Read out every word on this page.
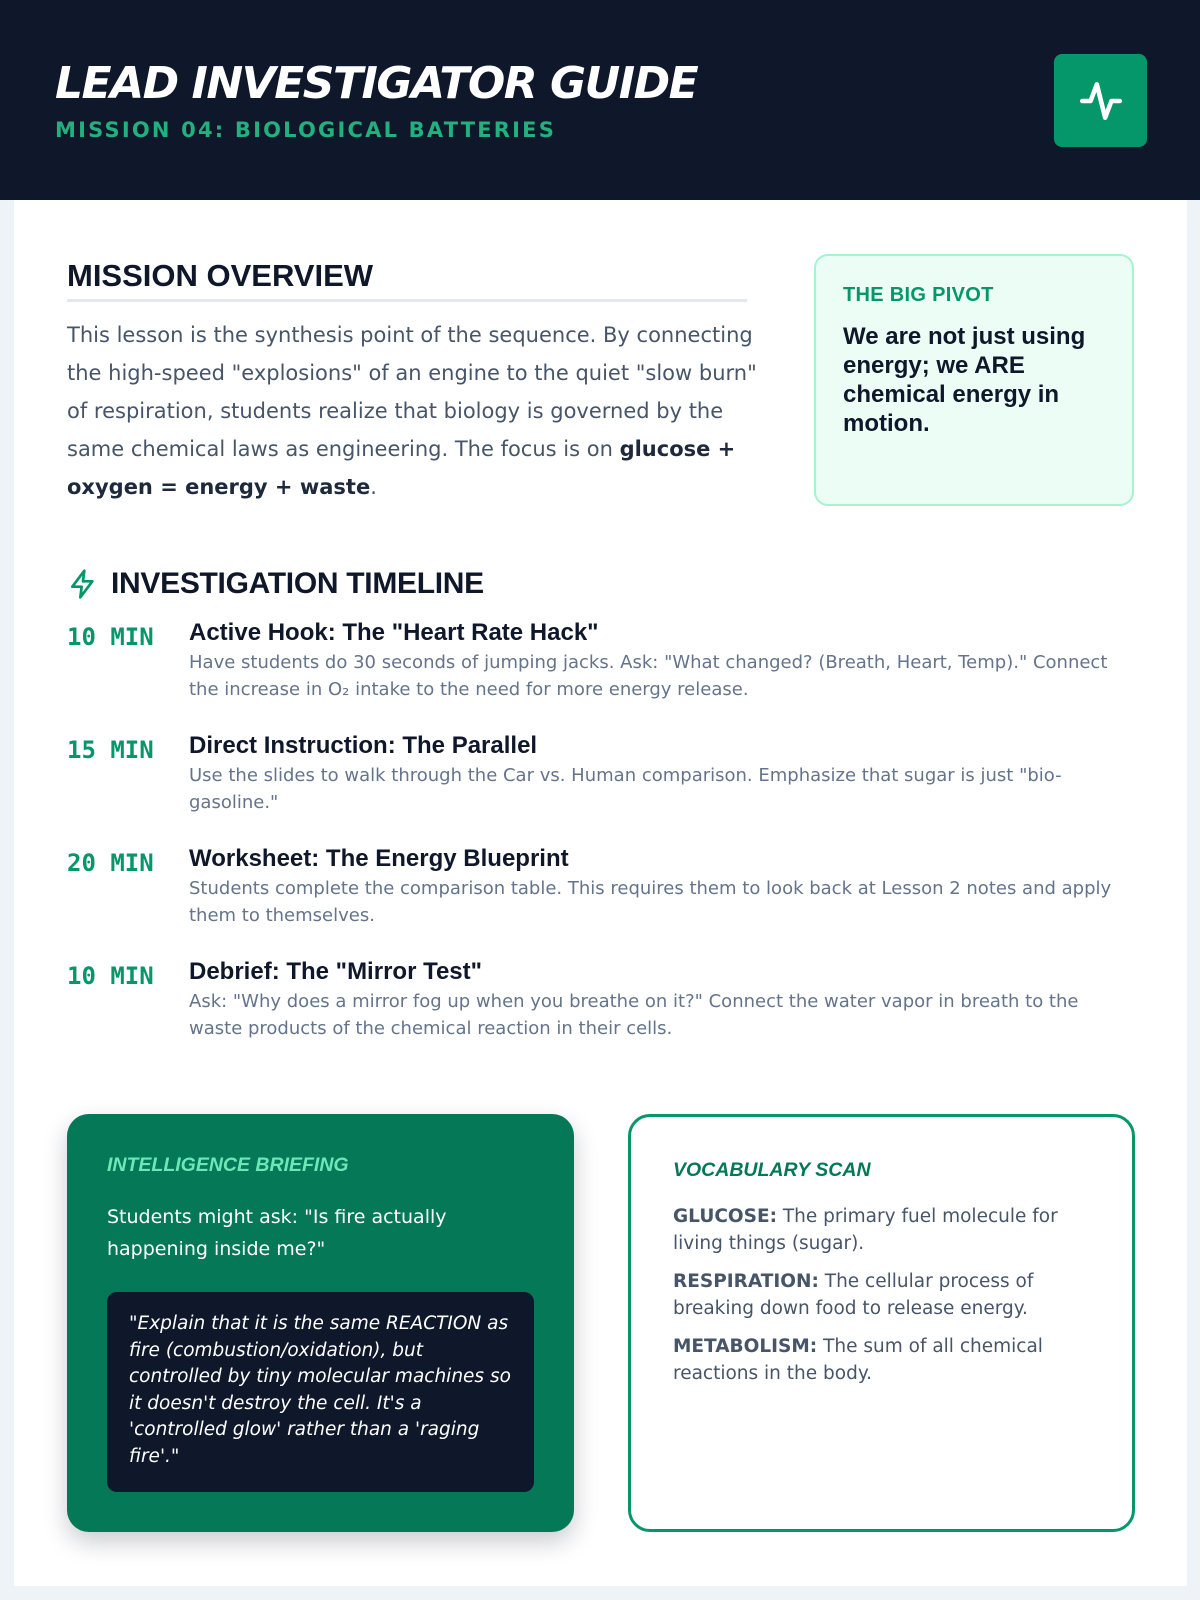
LEAD INVESTIGATOR GUIDE
MISSION 04: BIOLOGICAL BATTERIES
MISSION OVERVIEW
This lesson is the synthesis point of the sequence. By connecting the high-speed "explosions" of an engine to the quiet "slow burn" of respiration, students realize that biology is governed by the same chemical laws as engineering. The focus is on glucose + oxygen = energy + waste.
THE BIG PIVOT
We are not just using energy; we ARE chemical energy in motion.
INVESTIGATION TIMELINE
10 MIN	Active Hook: The "Heart Rate Hack"
Have students do 30 seconds of jumping jacks. Ask: "What changed? (Breath, Heart, Temp)." Connect the increase in O₂ intake to the need for more energy release.
15 MIN	Direct Instruction: The Parallel
Use the slides to walk through the Car vs. Human comparison. Emphasize that sugar is just "bio-gasoline."
20 MIN	Worksheet: The Energy Blueprint
Students complete the comparison table. This requires them to look back at Lesson 2 notes and apply them to themselves.
10 MIN	Debrief: The "Mirror Test"
Ask: "Why does a mirror fog up when you breathe on it?" Connect the water vapor in breath to the waste products of the chemical reaction in their cells.
INTELLIGENCE BRIEFING
Students might ask: "Is fire actually happening inside me?"
"Explain that it is the same REACTION as fire (combustion/oxidation), but controlled by tiny molecular machines so it doesn't destroy the cell. It's a 'controlled glow' rather than a 'raging fire'."
VOCABULARY SCAN
GLUCOSE: The primary fuel molecule for living things (sugar).
RESPIRATION: The cellular process of breaking down food to release energy.
METABOLISM: The sum of all chemical reactions in the body.
